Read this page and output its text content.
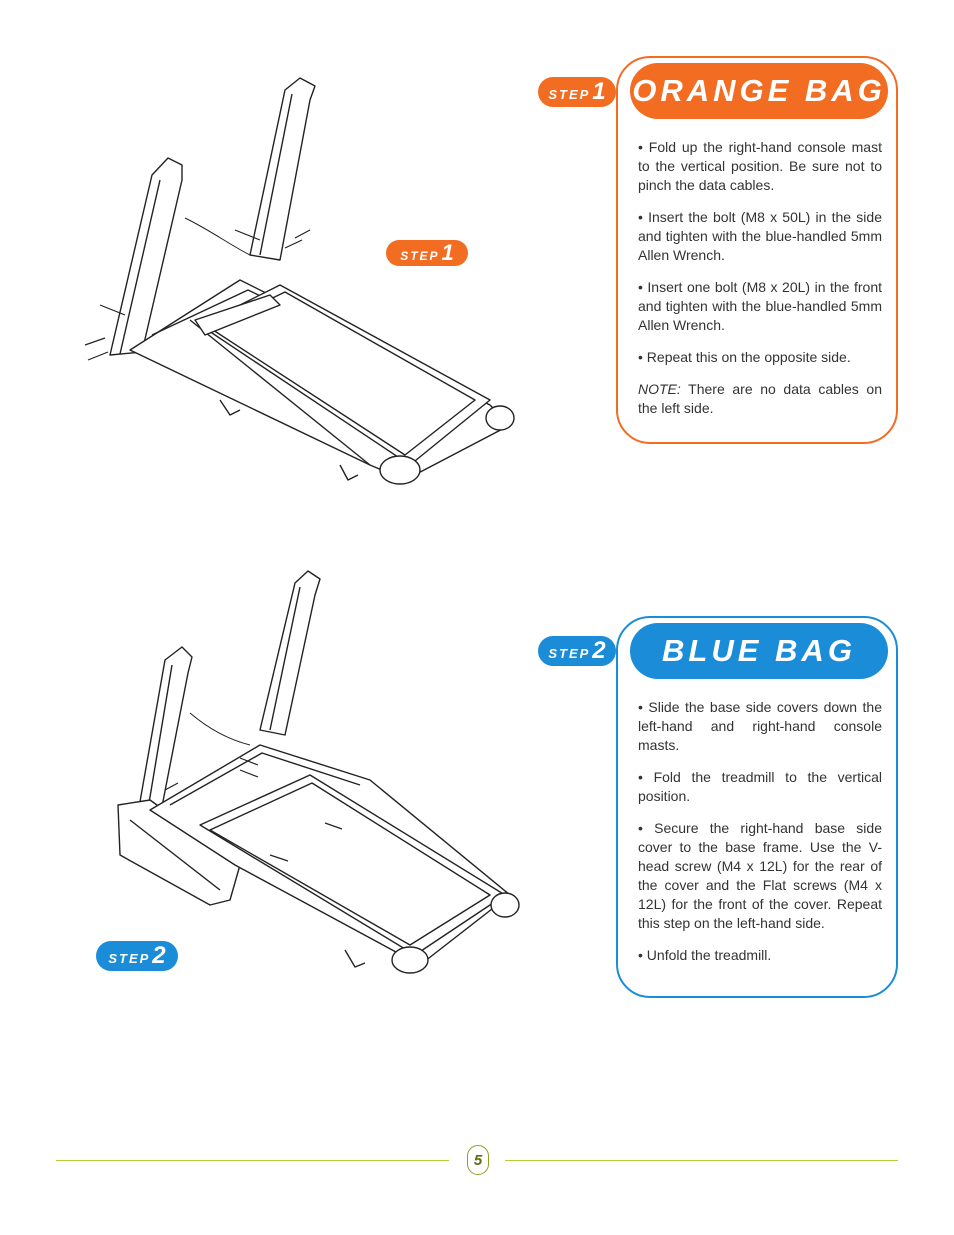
STEP 1
STEP 1 ORANGE BAG

• Fold up the right-hand console mast to the vertical position. Be sure not to pinch the data cables.

• Insert the bolt (M8 x 50L) in the side and tighten with the blue-handled 5mm Allen Wrench.

• Insert one bolt (M8 x 20L) in the front and tighten with the blue-handled 5mm Allen Wrench.

• Repeat this on the opposite side.

NOTE: There are no data cables on the left side.

STEP 2
STEP 2	BLUE BAG

• Slide the base side covers down the left-hand and right-hand console masts.

• Fold the treadmill to the vertical position.

• Secure the right-hand base side cover to the base frame. Use the V-head screw (M4 x 12L) for the rear of the cover and the Flat screws (M4 x 12L) for the front of the cover. Repeat this step on the left-hand side.

• Unfold the treadmill.

5
